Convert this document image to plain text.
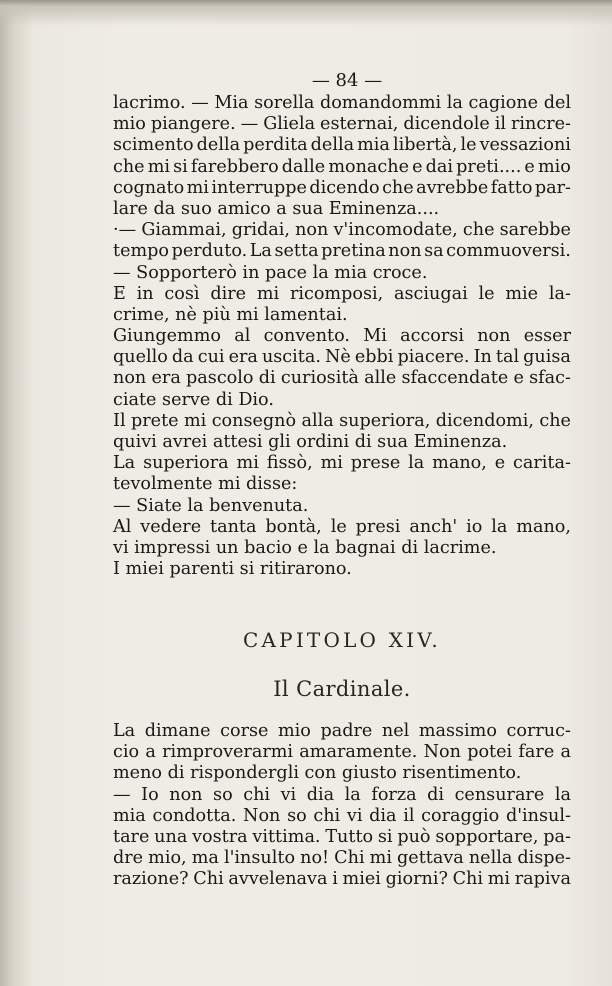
— 84 —
lacrimo. — Mia sorella domandommi la cagione del
mio piangere. — Gliela esternai, dicendole il rincre-
scimento della perdita della mia libertà, le vessazioni
che mi si farebbero dalle monache e dai preti.... e mio
cognato mi interruppe dicendo che avrebbe fatto par-
lare da suo amico a sua Eminenza....
·— Giammai, gridai, non v'incomodate, che sarebbe
tempo perduto. La setta pretina non sa commuoversi.
— Sopporterò in pace la mia croce.
E in così dire mi ricomposi, asciugai le mie la-
crime, nè più mi lamentai.
Giungemmo al convento. Mi accorsi non esser
quello da cui era uscita. Nè ebbi piacere. In tal guisa
non era pascolo di curiosità alle sfaccendate e sfac-
ciate serve di Dio.
Il prete mi consegnò alla superiora, dicendomi, che
quivi avrei attesi gli ordini di sua Eminenza.
La superiora mi fissò, mi prese la mano, e carita-
tevolmente mi disse:
— Siate la benvenuta.
Al vedere tanta bontà, le presi anch' io la mano,
vi impressi un bacio e la bagnai di lacrime.
I miei parenti si ritirarono.
CAPITOLO XIV.
Il Cardinale.
La dimane corse mio padre nel massimo corruc-
cio a rimproverarmi amaramente. Non potei fare a
meno di rispondergli con giusto risentimento.
— Io non so chi vi dia la forza di censurare la
mia condotta. Non so chi vi dia il coraggio d'insul-
tare una vostra vittima. Tutto si può sopportare, pa-
dre mio, ma l'insulto no! Chi mi gettava nella dispe-
razione? Chi avvelenava i miei giorni? Chi mi rapiva
